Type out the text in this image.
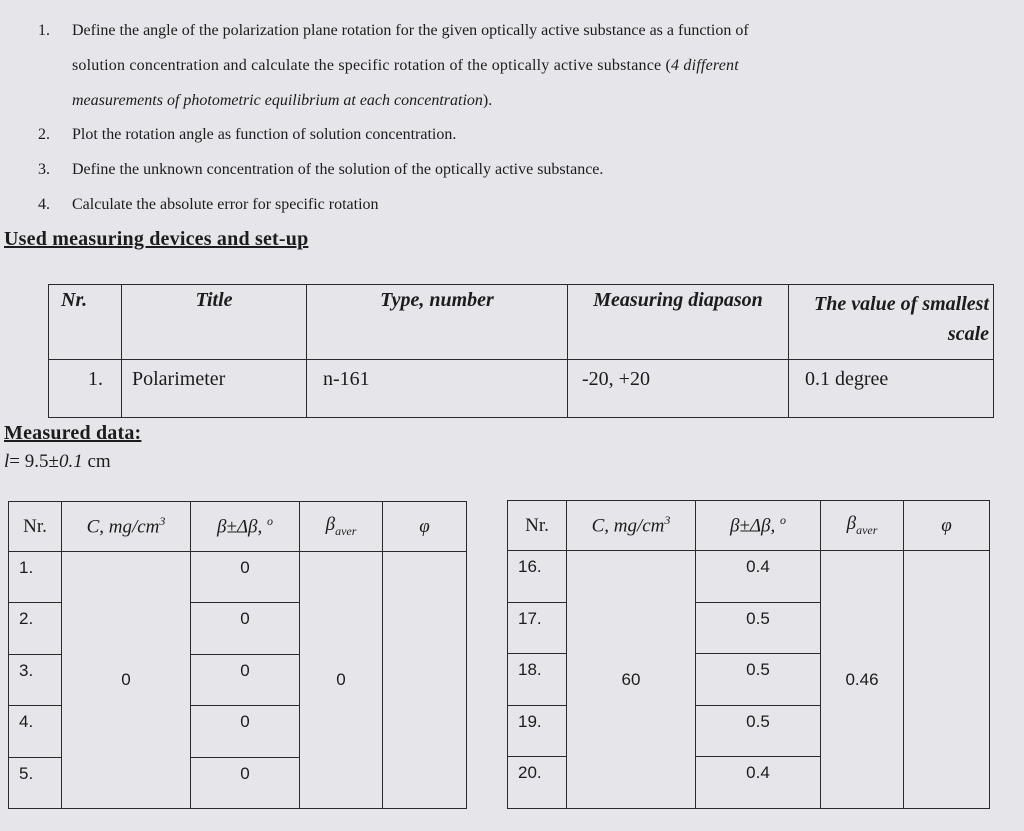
1. Define the angle of the polarization plane rotation for the given optically active substance as a function of
solution concentration and calculate the specific rotation of the optically active substance (4 different
measurements of photometric equilibrium at each concentration).
2. Plot the rotation angle as function of solution concentration.
3. Define the unknown concentration of the solution of the optically active substance.
4. Calculate the absolute error for specific rotation
Used measuring devices and set-up
Nr.	Title	Type, number	Measuring diapason	The value of smallest scale
1.	Polarimeter	n-161	-20, +20	0.1 degree
Measured data:
l= 9.5±0.1 cm
Nr.	C, $mg/cm^3$	β±Δβ, $^o$	$\beta_{aver}$	φ
1.	0	0	0	
2.		0		
3.		0		
4.		0		
5.		0		
Nr.	C, $mg/cm^3$	β±Δβ, $^o$	$\beta_{aver}$	φ
16.	60	0.4	0.46	
17.		0.5		
18.		0.5		
19.		0.5		
20.		0.4		
